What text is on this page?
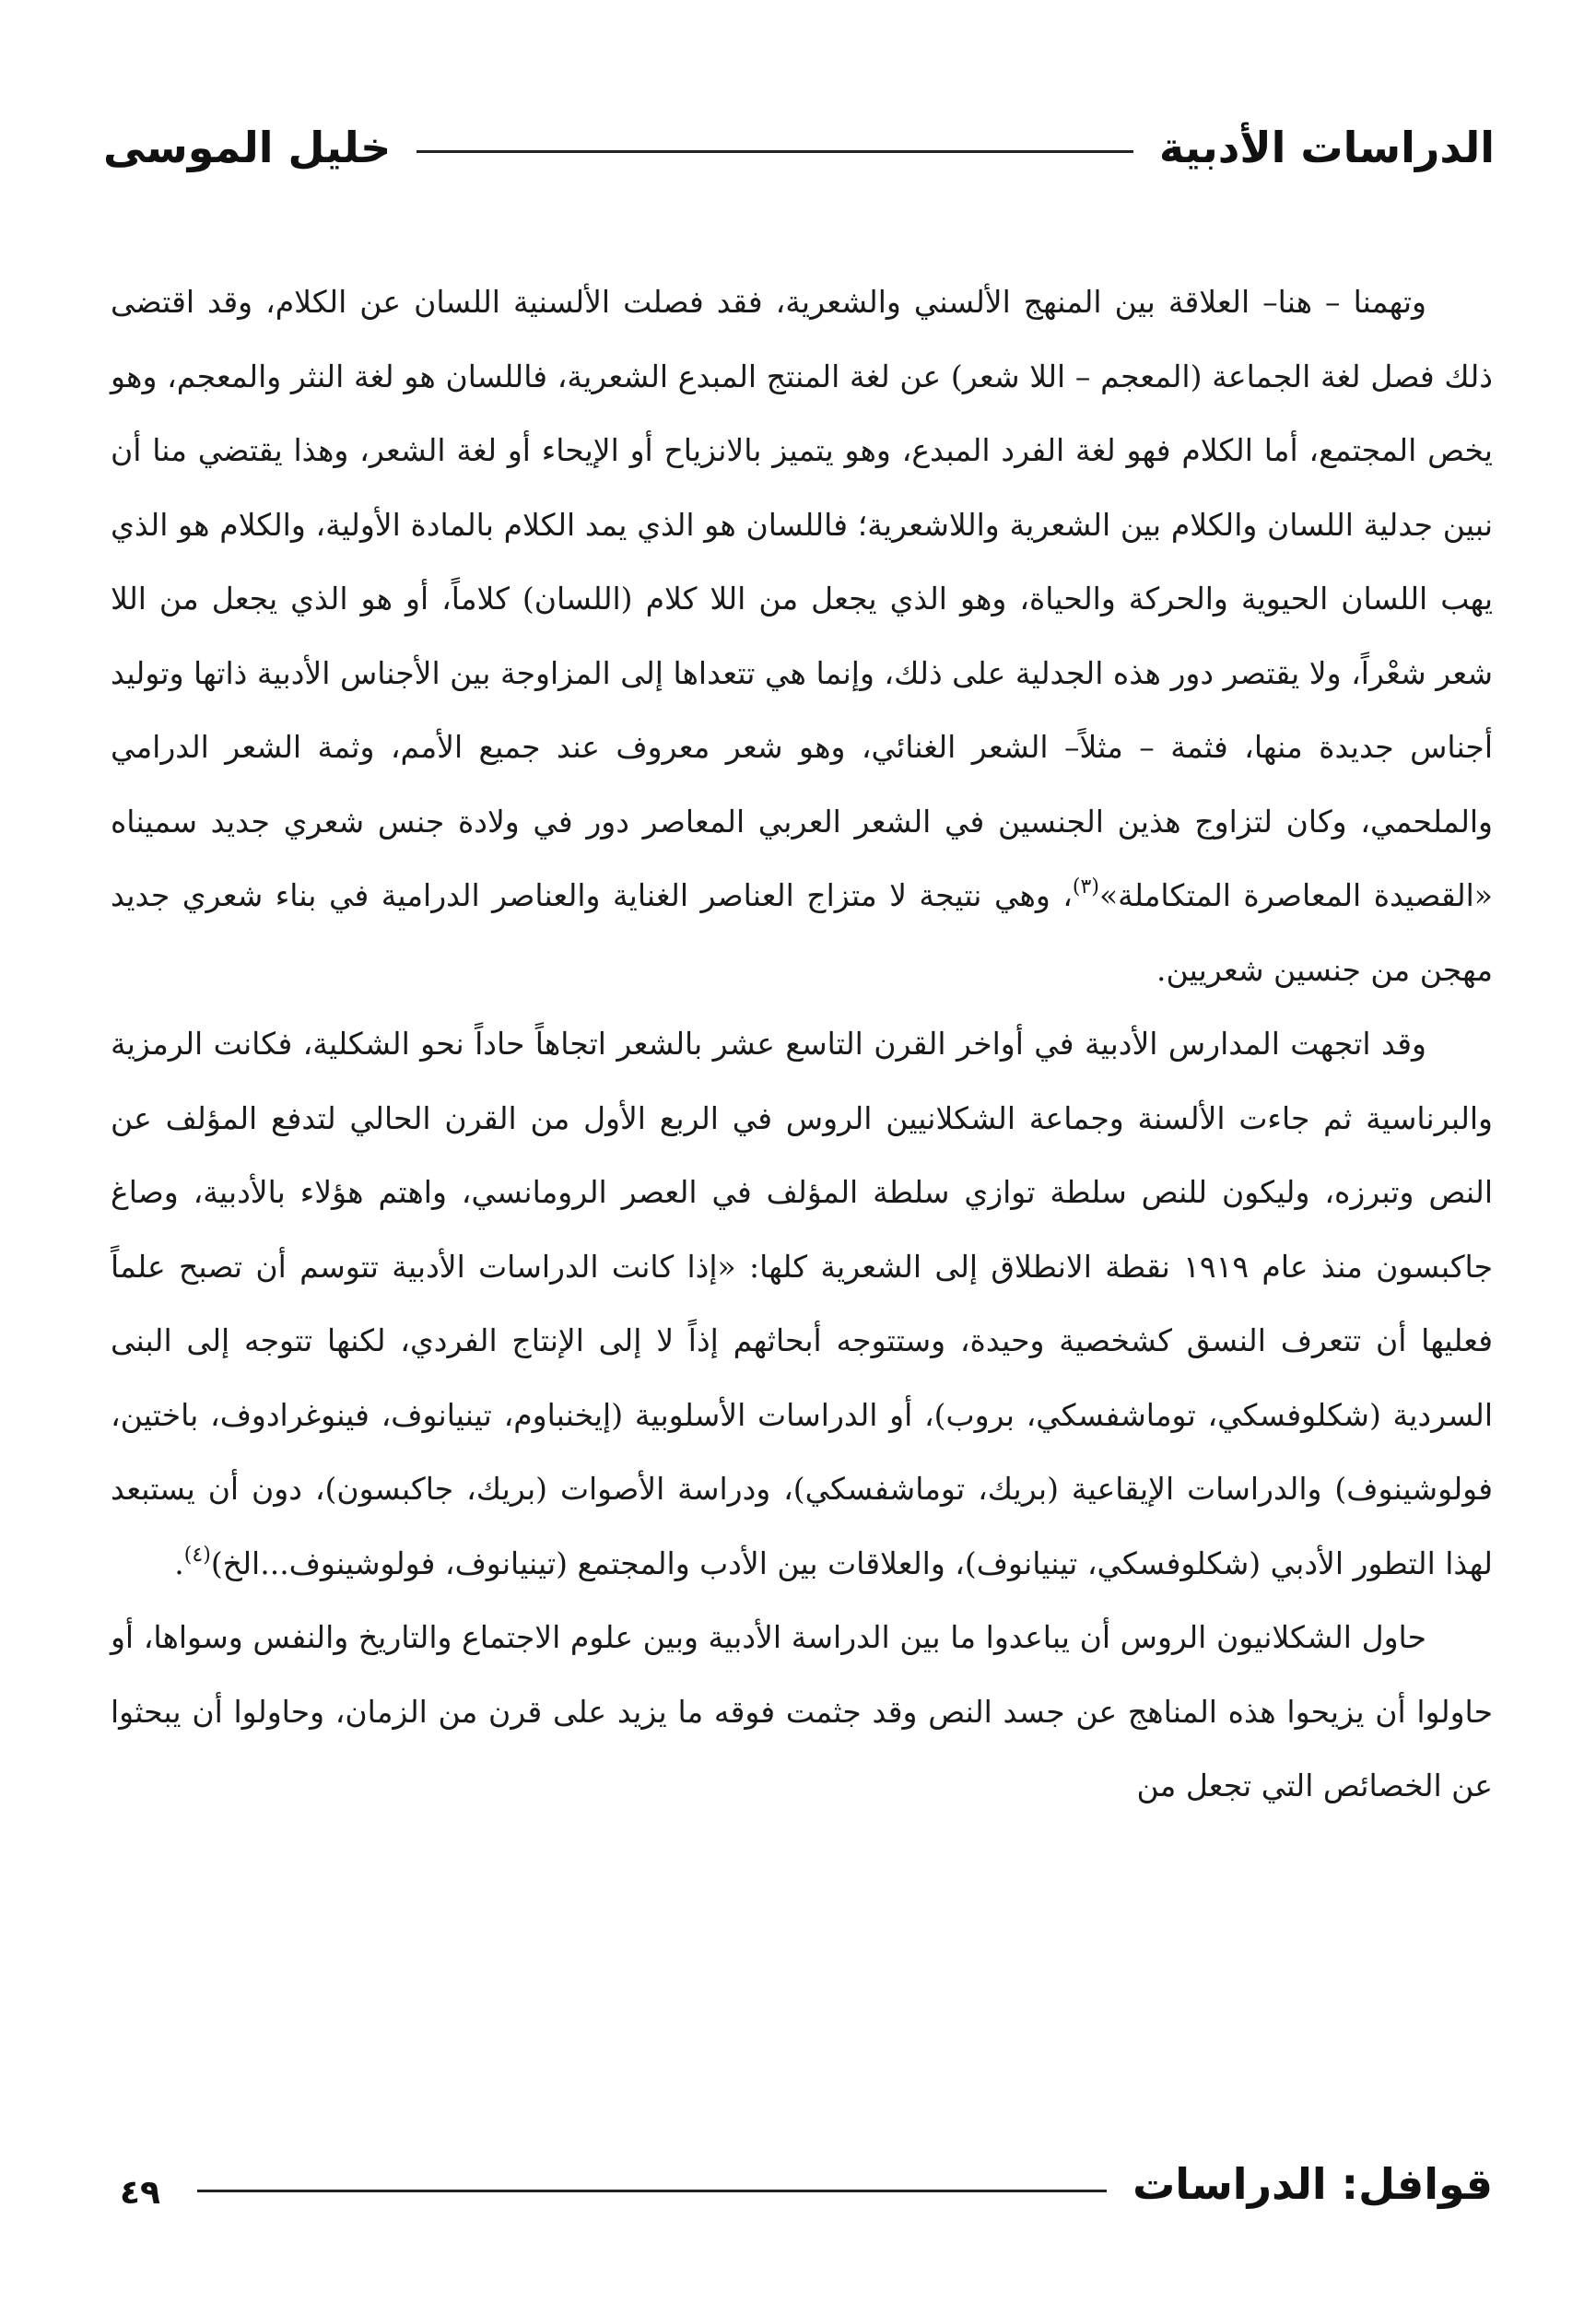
الدراسات الأدبية
خليل الموسى

وتهمنا – هنا– العلاقة بين المنهج الألسني والشعرية، فقد فصلت الألسنية اللسان عن الكلام، وقد اقتضى ذلك فصل لغة الجماعة (المعجم – اللا شعر) عن لغة المنتج المبدع الشعرية، فاللسان هو لغة النثر والمعجم، وهو يخص المجتمع، أما الكلام فهو لغة الفرد المبدع، وهو يتميز بالانزياح أو الإيحاء أو لغة الشعر، وهذا يقتضي منا أن نبين جدلية اللسان والكلام بين الشعرية واللاشعرية؛ فاللسان هو الذي يمد الكلام بالمادة الأولية، والكلام هو الذي يهب اللسان الحيوية والحركة والحياة، وهو الذي يجعل من اللا كلام (اللسان) كلاماً، أو هو الذي يجعل من اللا شعر شعْراً، ولا يقتصر دور هذه الجدلية على ذلك، وإنما هي تتعداها إلى المزاوجة بين الأجناس الأدبية ذاتها وتوليد أجناس جديدة منها، فثمة – مثلاً– الشعر الغنائي، وهو شعر معروف عند جميع الأمم، وثمة الشعر الدرامي والملحمي، وكان لتزاوج هذين الجنسين في الشعر العربي المعاصر دور في ولادة جنس شعري جديد سميناه «القصيدة المعاصرة المتكاملة»$^{(٣)}$، وهي نتيجة لا متزاج العناصر الغناية والعناصر الدرامية في بناء شعري جديد مهجن من جنسين شعريين.

وقد اتجهت المدارس الأدبية في أواخر القرن التاسع عشر بالشعر اتجاهاً حاداً نحو الشكلية، فكانت الرمزية والبرناسية ثم جاءت الألسنة وجماعة الشكلانيين الروس في الربع الأول من القرن الحالي لتدفع المؤلف عن النص وتبرزه، وليكون للنص سلطة توازي سلطة المؤلف في العصر الرومانسي، واهتم هؤلاء بالأدبية، وصاغ جاكبسون منذ عام ١٩١٩ نقطة الانطلاق إلى الشعرية كلها: «إذا كانت الدراسات الأدبية تتوسم أن تصبح علماً فعليها أن تتعرف النسق كشخصية وحيدة، وستتوجه أبحاثهم إذاً لا إلى الإنتاج الفردي، لكنها تتوجه إلى البنى السردية (شكلوفسكي، توماشفسكي، بروب)، أو الدراسات الأسلوبية (إيخنباوم، تينيانوف، فينوغرادوف، باختين، فولوشينوف) والدراسات الإيقاعية (بريك، توماشفسكي)، ودراسة الأصوات (بريك، جاكبسون)، دون أن يستبعد لهذا التطور الأدبي (شكلوفسكي، تينيانوف)، والعلاقات بين الأدب والمجتمع (تينيانوف، فولوشينوف...الخ)$^{(٤)}$.

حاول الشكلانيون الروس أن يباعدوا ما بين الدراسة الأدبية وبين علوم الاجتماع والتاريخ والنفس وسواها، أو حاولوا أن يزيحوا هذه المناهج عن جسد النص وقد جثمت فوقه ما يزيد على قرن من الزمان، وحاولوا أن يبحثوا عن الخصائص التي تجعل من

قوافل: الدراسات
٤٩
